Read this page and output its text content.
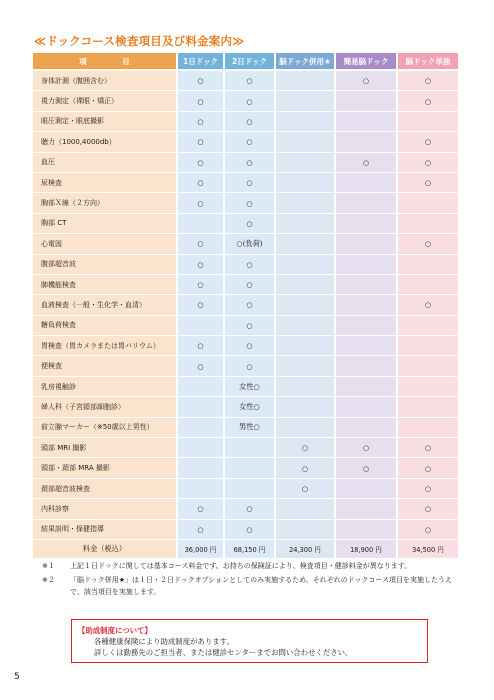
≪ドックコース検査項目及び料金案内≫
項　目	1日ドック	2日ドック	脳ドック併用★	簡易脳ドック	脳ドック単独
身体計測（腹囲含む）	○	○		○	○
視力測定（裸眼・矯正）	○	○			○
眼圧測定・眼底撮影	○	○			
聴力（1000,4000db）	○	○			○
血圧	○	○		○	○
尿検査	○	○			○
胸部Ｘ線（２方向）	○	○			
胸部 CT		○			
心電図	○	○(負荷)			○
腹部超音波	○	○			
肺機能検査	○	○			
血液検査（一般・生化学・血清）	○	○			○
糖負荷検査		○			
胃検査（胃カメラまたは胃バリウム）	○	○			
便検査	○	○			
乳房視触診		女性○			
婦人科（子宮頸部細胞診）		女性○			
前立腺マーカー（※50歳以上男性）		男性○			
頭部 MRI 撮影			○	○	○
頭部・頚部 MRA 撮影			○	○	○
頚部超音波検査			○		○
内科診察	○	○			○
結果説明・保健指導	○	○			○
料金（税込）	36,000 円	68,150 円	24,300 円	18,900 円	34,500 円
※１	上記１日ドックに関しては基本コース料金です。お持ちの保険証により、検査項目・健診料金が異なります。
※２	「脳ドック併用★」は１日・２日ドックオプションとしてのみ実施するため、それぞれのドックコース項目を実施したうえで、該当項目を実施します。
【助成制度について】
各種健康保険により助成制度があります。
詳しくは勤務先のご担当者、または健診センターまでお問い合わせください。
5
